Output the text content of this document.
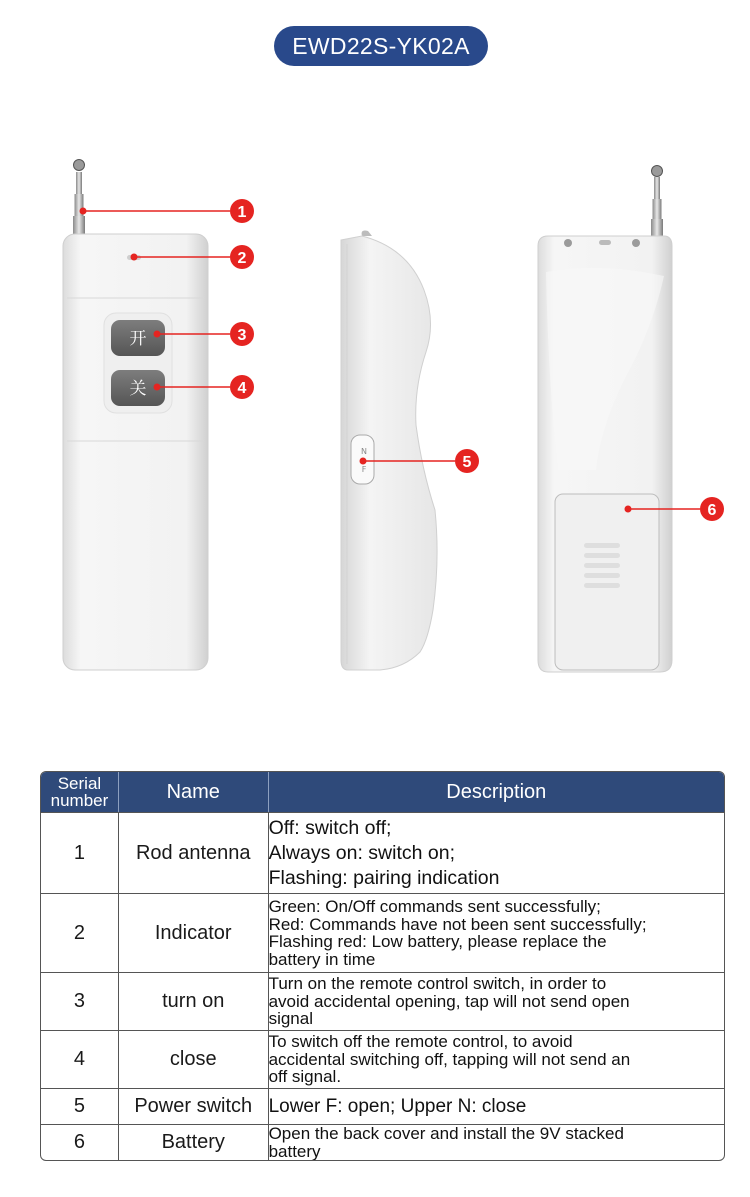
EWD22S-YK02A
开
关
N
F
1
2
3
4
5
6
Serial
number	Name	Description
1	Rod antenna	Off: switch off;
Always on: switch on;
Flashing: pairing indication

2	Indicator	Green: On/Off commands sent successfully;
Red: Commands have not been sent successfully;
Flashing red: Low battery, please replace the
battery in time

3	turn on	Turn on the remote control switch, in order to
avoid accidental opening, tap will not send open
signal

4	close	To switch off the remote control, to avoid
accidental switching off, tapping will not send an
off signal.

5	Power switch	Lower F: open; Upper N: close

6	Battery	Open the back cover and install the 9V stacked
battery
